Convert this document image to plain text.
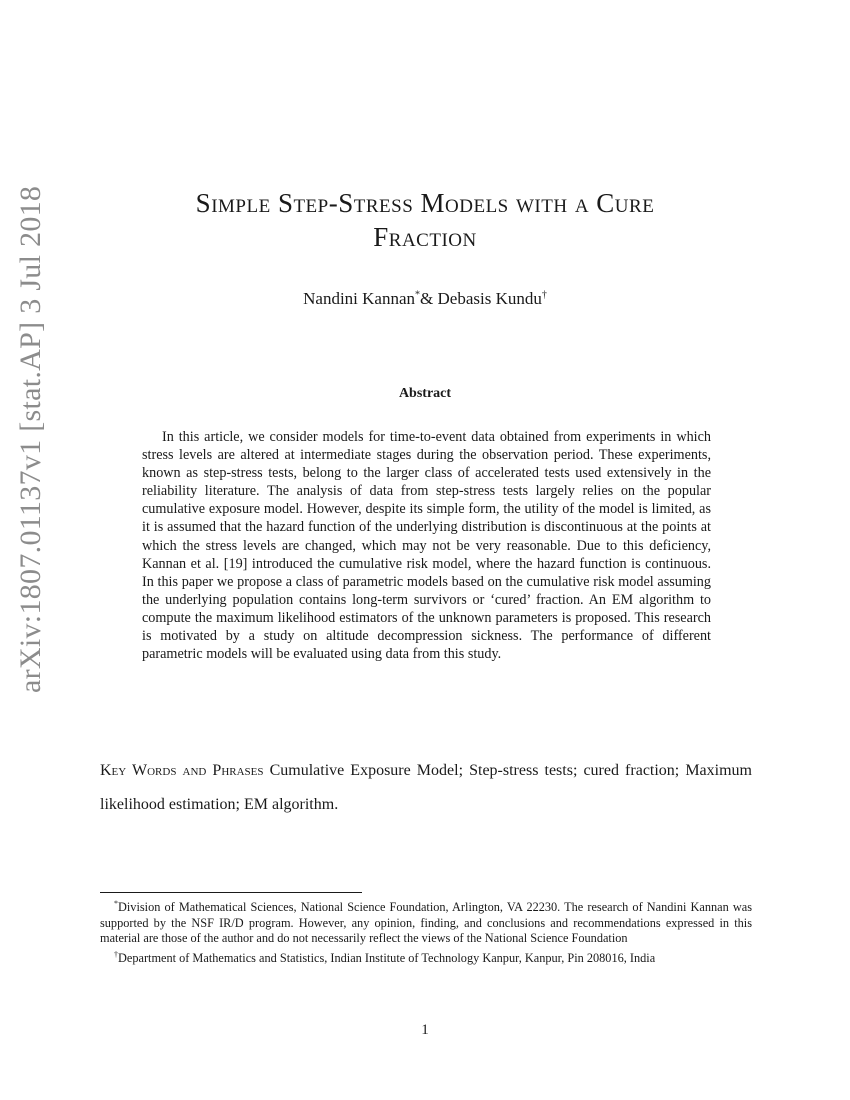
arXiv:1807.01137v1 [stat.AP] 3 Jul 2018	Simple Step-Stress Models with a Cure
Fraction
Nandini Kannan*& Debasis Kundu†
Abstract
In this article, we consider models for time-to-event data obtained from experiments in which stress levels are altered at intermediate stages during the observation period. These experiments, known as step-stress tests, belong to the larger class of accelerated tests used extensively in the reliability literature. The analysis of data from step-stress tests largely relies on the popular cumulative exposure model. However, despite its simple form, the utility of the model is limited, as it is assumed that the hazard function of the underlying distribution is discontinuous at the points at which the stress levels are changed, which may not be very reasonable. Due to this deficiency, Kannan et al. [19] introduced the cumulative risk model, where the hazard function is continuous. In this paper we propose a class of parametric models based on the cumulative risk model assuming the underlying population contains long-term survivors or ‘cured’ fraction. An EM algorithm to compute the maximum likelihood estimators of the unknown parameters is proposed. This research is motivated by a study on altitude decompression sickness. The performance of different parametric models will be evaluated using data from this study.
Key Words and Phrases Cumulative Exposure Model; Step-stress tests; cured fraction; Maximum likelihood estimation; EM algorithm.

*Division of Mathematical Sciences, National Science Foundation, Arlington, VA 22230. The research of Nandini Kannan was supported by the NSF IR/D program. However, any opinion, finding, and conclusions and recommendations expressed in this material are those of the author and do not necessarily reflect the views of the National Science Foundation

†Department of Mathematics and Statistics, Indian Institute of Technology Kanpur, Kanpur, Pin 208016, India

1
